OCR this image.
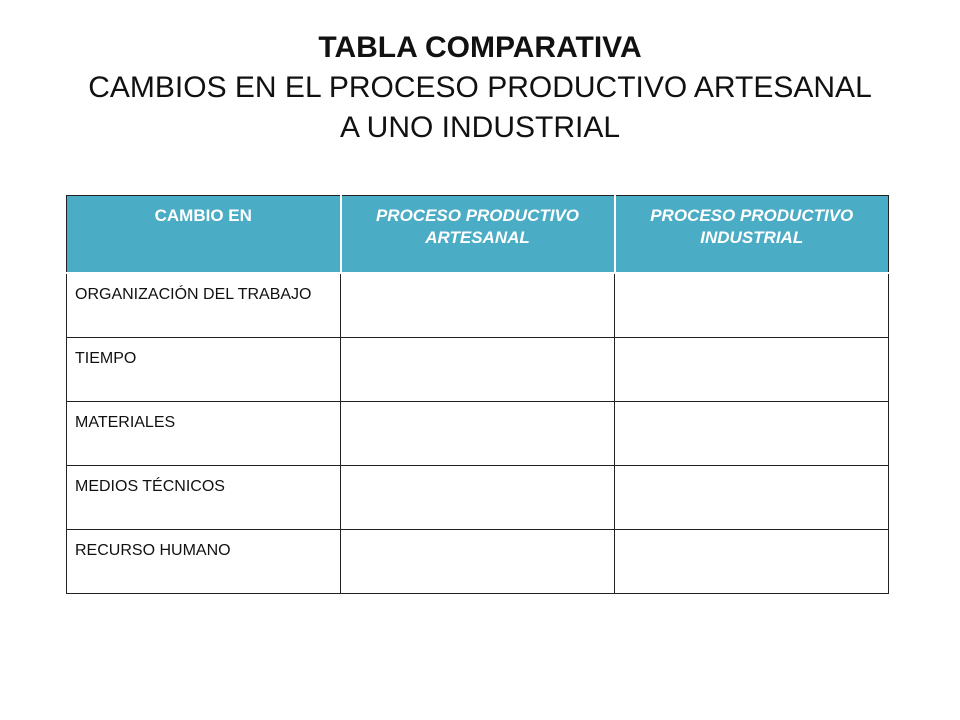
TABLA COMPARATIVA
CAMBIOS EN EL PROCESO PRODUCTIVO ARTESANAL
A UNO INDUSTRIAL
CAMBIO EN	PROCESO PRODUCTIVO ARTESANAL	PROCESO PRODUCTIVO INDUSTRIAL
ORGANIZACIÓN DEL TRABAJO		
TIEMPO		
MATERIALES		
MEDIOS TÉCNICOS		
RECURSO HUMANO		
